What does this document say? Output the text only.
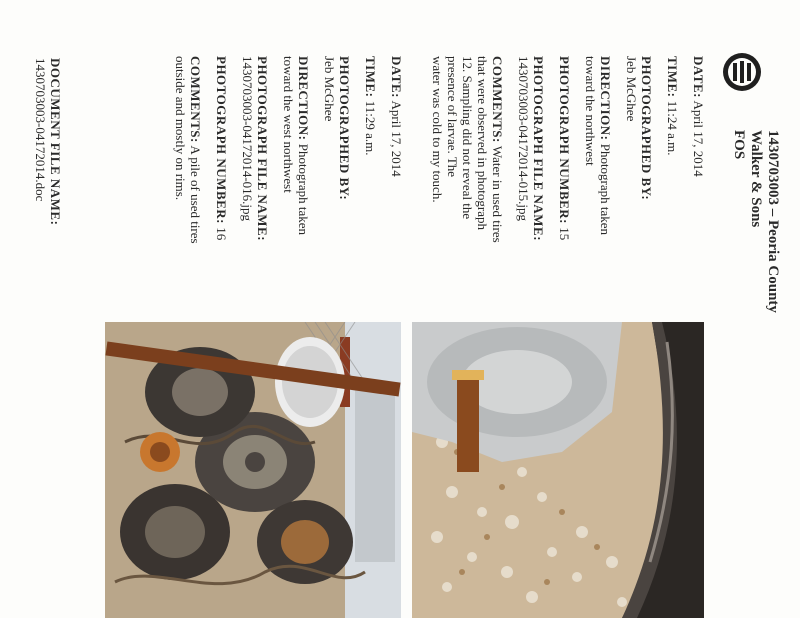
1430703003 – Peoria County
Walker & Sons
FOS
DATE: April 17, 2014
TIME: 11:24 a.m.
PHOTOGRAPHED BY:
Jeb McGhee
DIRECTION: Photograph taken
toward the northwest
PHOTOGRAPH NUMBER: 15
PHOTOGRAPH FILE NAME:
1430703003-04172014-015.jpg
COMMENTS: Water in used tires
that were observed in photograph
12. Sampling did not reveal the
presence of larvae. The
water was cold to my touch.
DATE: April 17, 2014
TIME: 11:29 a.m.
PHOTOGRAPHED BY:
Jeb McGhee
DIRECTION: Photograph taken
toward the west northwest
PHOTOGRAPH FILE NAME:
1430703003-04172014-016.jpg
PHOTOGRAPH NUMBER: 16
COMMENTS: A pile of used tires
outside and mostly on rims.
DOCUMENT FILE NAME:
1430703003-04172014.doc
